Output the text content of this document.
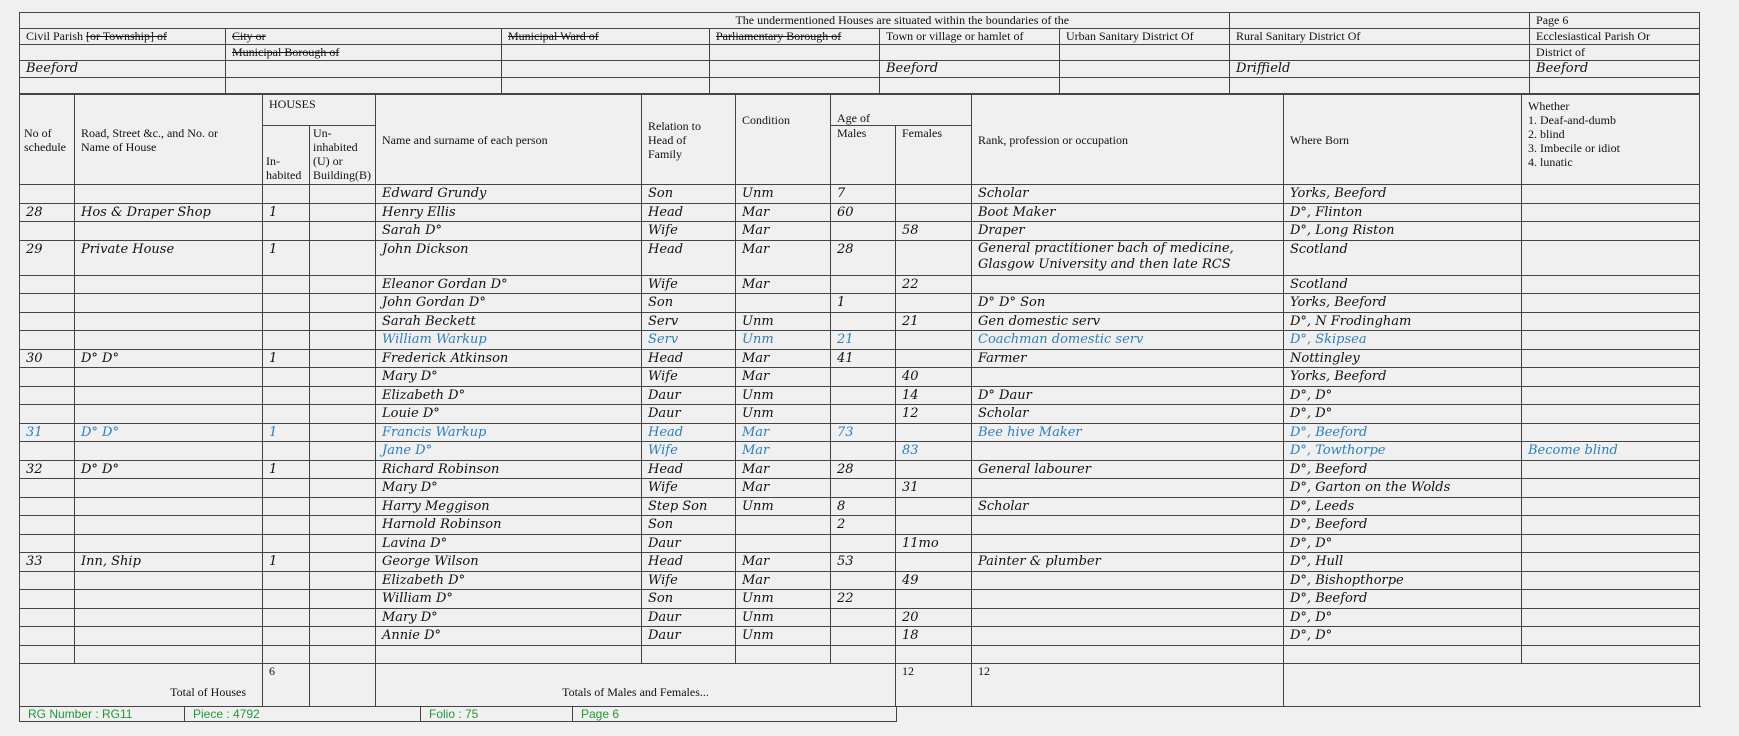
The undermentioned Houses are situated within the boundaries of the							Page 6
Civil Parish [or Township] of	City or	Municipal Ward of	Parliamentary Borough of	Town or village or hamlet of	Urban Sanitary District Of	Rural Sanitary District Of	Ecclesiastical Parish Or
	Municipal Borough of						District of
Beeford				Beeford		Driffield	Beeford

No of schedule	Road, Street &c., and No. or Name of House	HOUSES		Name and surname of each person	Relation to Head of Family	Condition	Age of		Rank, profession or occupation	Where Born	Whether
1. Deaf-and-dumb
2. blind
3. Imbecile or idiot
4. lunatic

		In-habited	Un-inhabited (U) or Building(B)				Males	Females			
				Edward Grundy	Son	Unm	7		Scholar	Yorks, Beeford	
28	Hos & Draper Shop	1		Henry Ellis	Head	Mar	60		Boot Maker	D°, Flinton	
				Sarah D°	Wife	Mar		58	Draper	D°, Long Riston	
29	Private House	1		John Dickson	Head	Mar	28		General practitioner bach of medicine, Glasgow University and then late RCS	Scotland	
				Eleanor Gordan D°	Wife	Mar		22		Scotland	
				John Gordan D°	Son		1		D° D° Son	Yorks, Beeford	
				Sarah Beckett	Serv	Unm		21	Gen domestic serv	D°, N Frodingham	
				William Warkup	Serv	Unm	21		Coachman domestic serv	D°, Skipsea	
30	D° D°	1		Frederick Atkinson	Head	Mar	41		Farmer	Nottingley	
				Mary D°	Wife	Mar		40		Yorks, Beeford	
				Elizabeth D°	Daur	Unm		14	D° Daur	D°, D°	
				Louie D°	Daur	Unm		12	Scholar	D°, D°	
31	D° D°	1		Francis Warkup	Head	Mar	73		Bee hive Maker	D°, Beeford	
				Jane D°	Wife	Mar		83		D°, Towthorpe	Become blind
32	D° D°	1		Richard Robinson	Head	Mar	28		General labourer	D°, Beeford	
				Mary D°	Wife	Mar		31		D°, Garton on the Wolds	
				Harry Meggison	Step Son	Unm	8		Scholar	D°, Leeds	
				Harnold Robinson	Son		2			D°, Beeford	
				Lavina D°	Daur			11mo		D°, D°	
33	Inn, Ship	1		George Wilson	Head	Mar	53		Painter & plumber	D°, Hull	
				Elizabeth D°	Wife	Mar		49		D°, Bishopthorpe	
				William D°	Son	Unm	22			D°, Beeford	
				Mary D°	Daur	Unm		20		D°, D°	
				Annie D°	Daur	Unm		18		D°, D°	

Total of Houses		6		Totals of Males and Females...				12	12		
RG Number : RG11	Piece : 4792	Folio : 75	Page 6
